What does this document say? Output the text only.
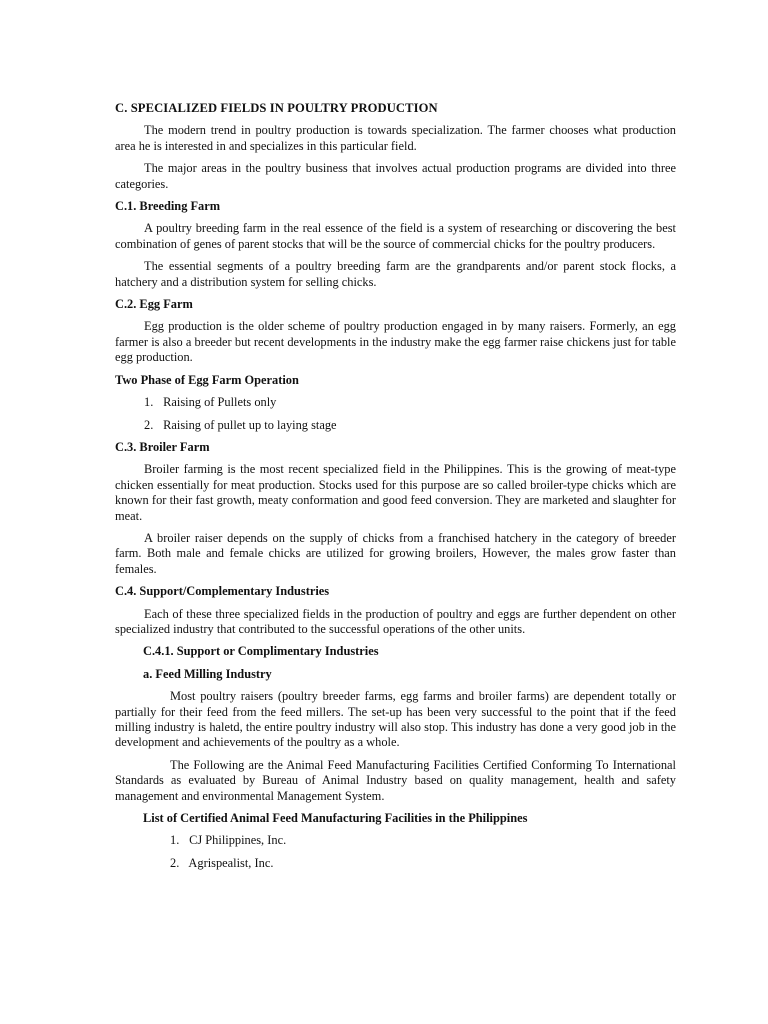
C. SPECIALIZED FIELDS IN POULTRY PRODUCTION

The modern trend in poultry production is towards specialization. The farmer chooses what production area he is interested in and specializes in this particular field.

The major areas in the poultry business that involves actual production programs are divided into three categories.

C.1. Breeding Farm

A poultry breeding farm in the real essence of the field is a system of researching or discovering the best combination of genes of parent stocks that will be the source of commercial chicks for the poultry producers.

The essential segments of a poultry breeding farm are the grandparents and/or parent stock flocks, a hatchery and a distribution system for selling chicks.

C.2. Egg Farm

Egg production is the older scheme of poultry production engaged in by many raisers. Formerly, an egg farmer is also a breeder but recent developments in the industry make the egg farmer raise chickens just for table egg production.

Two Phase of Egg Farm Operation

1. Raising of Pullets only

2. Raising of pullet up to laying stage

C.3. Broiler Farm

Broiler farming is the most recent specialized field in the Philippines. This is the growing of meat-type chicken essentially for meat production. Stocks used for this purpose are so called broiler-type chicks which are known for their fast growth, meaty conformation and good feed conversion. They are marketed and slaughter for meat.

A broiler raiser depends on the supply of chicks from a franchised hatchery in the category of breeder farm. Both male and female chicks are utilized for growing broilers, However, the males grow faster than females.

C.4. Support/Complementary Industries

Each of these three specialized fields in the production of poultry and eggs are further dependent on other specialized industry that contributed to the successful operations of the other units.

C.4.1. Support or Complimentary Industries

a. Feed Milling Industry

Most poultry raisers (poultry breeder farms, egg farms and broiler farms) are dependent totally or partially for their feed from the feed millers. The set-up has been very successful to the point that if the feed milling industry is haletd, the entire poultry industry will also stop. This industry has done a very good job in the development and achievements of the poultry as a whole.

The Following are the Animal Feed Manufacturing Facilities Certified Conforming To International Standards as evaluated by Bureau of Animal Industry based on quality management, health and safety management and environmental Management System.

List of Certified Animal Feed Manufacturing Facilities in the Philippines

1. CJ Philippines, Inc.

2. Agrispealist, Inc.
